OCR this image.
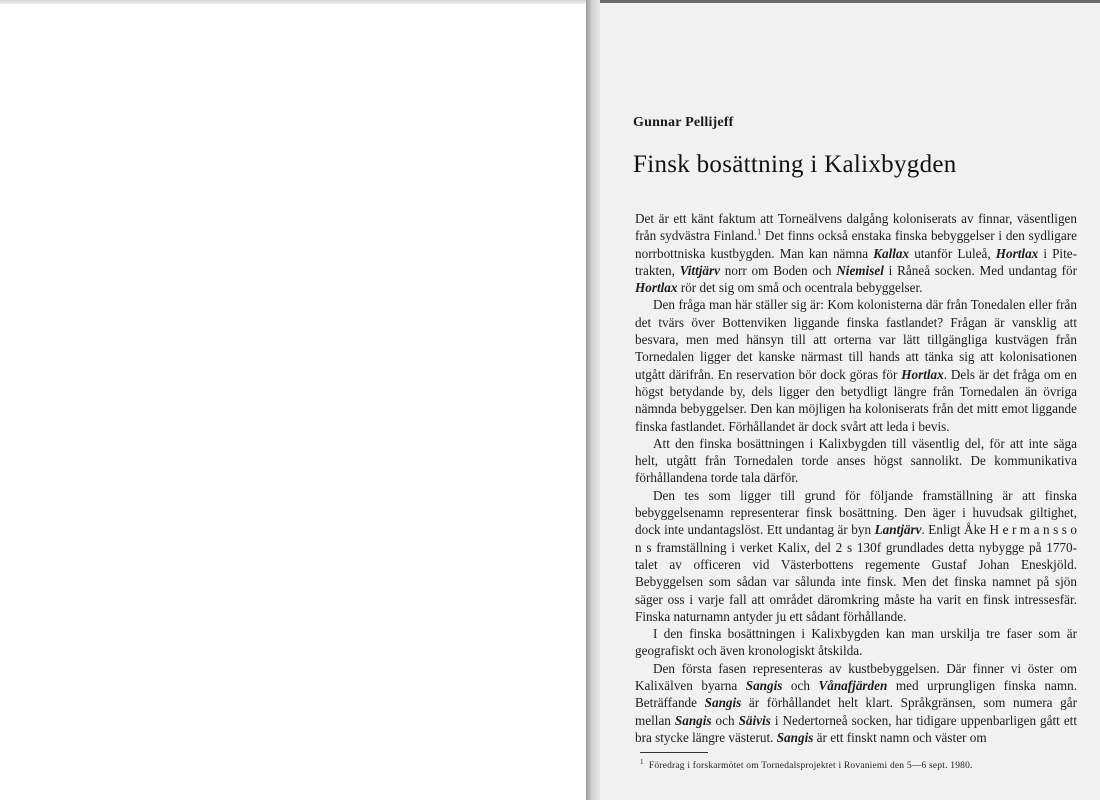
Gunnar Pellijeff
Finsk bosättning i Kalixbygden

Det är ett känt faktum att Torneälvens dalgång koloniserats av finnar, väsentligen från sydvästra Finland.$^1$ Det finns också enstaka finska bebyggelser i den sydligare norrbottniska kustbygden. Man kan nämna Kallax utanför Luleå, Hortlax i Pite-trakten, Vittjärv norr om Boden och Niemisel i Råneå socken. Med undantag för Hortlax rör det sig om små och ocentrala bebyggelser.

Den fråga man här ställer sig är: Kom kolonisterna där från Tonedalen eller från det tvärs över Bottenviken liggande finska fastlandet? Frågan är vansklig att besvara, men med hänsyn till att orterna var lätt tillgängliga kustvägen från Tornedalen ligger det kanske närmast till hands att tänka sig att kolonisationen utgått därifrån. En reservation bör dock göras för Hortlax. Dels är det fråga om en högst betydande by, dels ligger den betydligt längre från Tornedalen än övriga nämnda bebyggelser. Den kan möjligen ha koloniserats från det mitt emot liggande finska fastlandet. Förhållandet är dock svårt att leda i bevis.

Att den finska bosättningen i Kalixbygden till väsentlig del, för att inte säga helt, utgått från Tornedalen torde anses högst sannolikt. De kommunikativa förhållandena torde tala därför.

Den tes som ligger till grund för följande framställning är att finska bebyggelsenamn representerar finsk bosättning. Den äger i huvudsak giltighet, dock inte undantagslöst. Ett undantag är byn Lantjärv. Enligt Åke H e r m a n s s o n s framställning i verket Kalix, del 2 s 130f grundlades detta nybygge på 1770-talet av officeren vid Västerbottens regemente Gustaf Johan Eneskjöld. Bebyggelsen som sådan var sålunda inte finsk. Men det finska namnet på sjön säger oss i varje fall att området däromkring måste ha varit en finsk intressesfär. Finska naturnamn antyder ju ett sådant förhållande.

I den finska bosättningen i Kalixbygden kan man urskilja tre faser som är geografiskt och även kronologiskt åtskilda.

Den första fasen representeras av kustbebyggelsen. Där finner vi öster om Kalixälven byarna Sangis och Vånafjärden med urprungligen finska namn. Beträffande Sangis är förhållandet helt klart. Språkgränsen, som numera går mellan Sangis och Säivis i Nedertorneå socken, har tidigare uppenbarligen gått ett bra stycke längre västerut. Sangis är ett finskt namn och väster om

$^1$ Föredrag i forskarmötet om Tornedalsprojektet i Rovaniemi den 5—6 sept. 1980.
